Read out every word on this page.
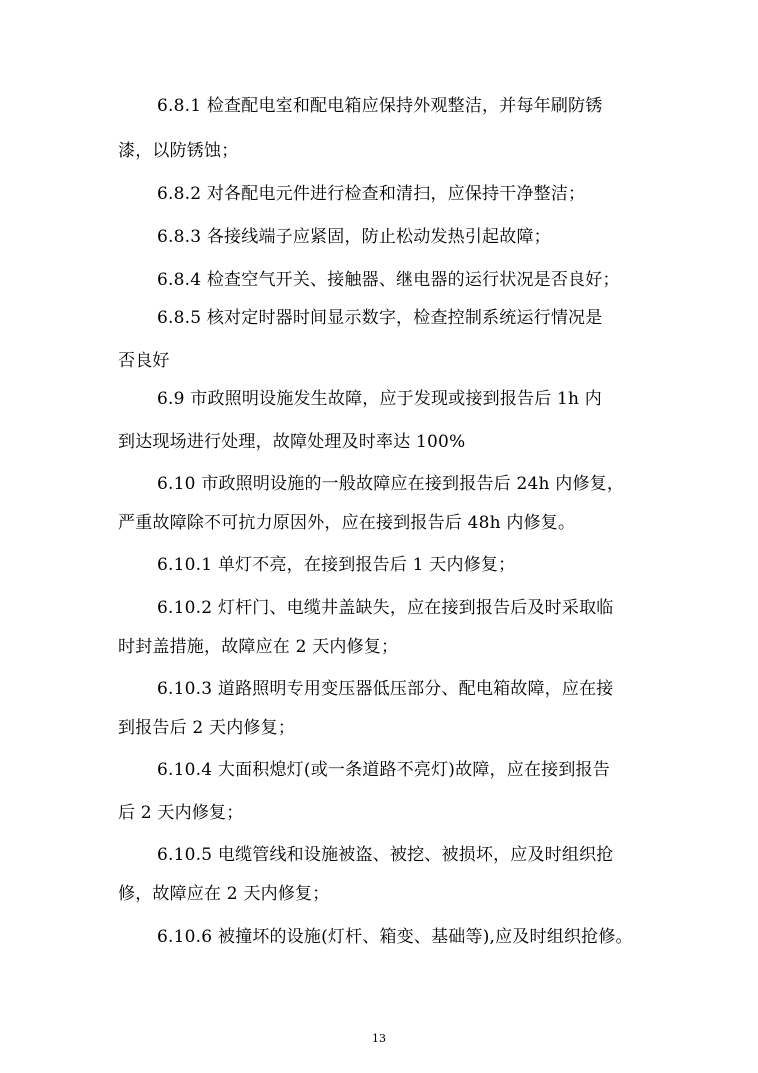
6.8.1 检查配电室和配电箱应保持外观整洁，并每年刷防锈
漆，以防锈蚀；
6.8.2 对各配电元件进行检查和清扫，应保持干净整洁；
6.8.3 各接线端子应紧固，防止松动发热引起故障；
6.8.4 检查空气开关、接触器、继电器的运行状况是否良好；
6.8.5 核对定时器时间显示数字，检查控制系统运行情况是
否良好
6.9 市政照明设施发生故障，应于发现或接到报告后 1h 内
到达现场进行处理，故障处理及时率达 100%
6.10 市政照明设施的一般故障应在接到报告后 24h 内修复，
严重故障除不可抗力原因外，应在接到报告后 48h 内修复。
6.10.1 单灯不亮，在接到报告后 1 天内修复；
6.10.2 灯杆门、电缆井盖缺失，应在接到报告后及时采取临
时封盖措施，故障应在 2 天内修复；
6.10.3 道路照明专用变压器低压部分、配电箱故障，应在接
到报告后 2 天内修复；
6.10.4 大面积熄灯(或一条道路不亮灯)故障，应在接到报告
后 2 天内修复；
6.10.5 电缆管线和设施被盗、被挖、被损坏，应及时组织抢
修，故障应在 2 天内修复；
6.10.6 被撞坏的设施(灯杆、箱变、基础等),应及时组织抢修。
13
